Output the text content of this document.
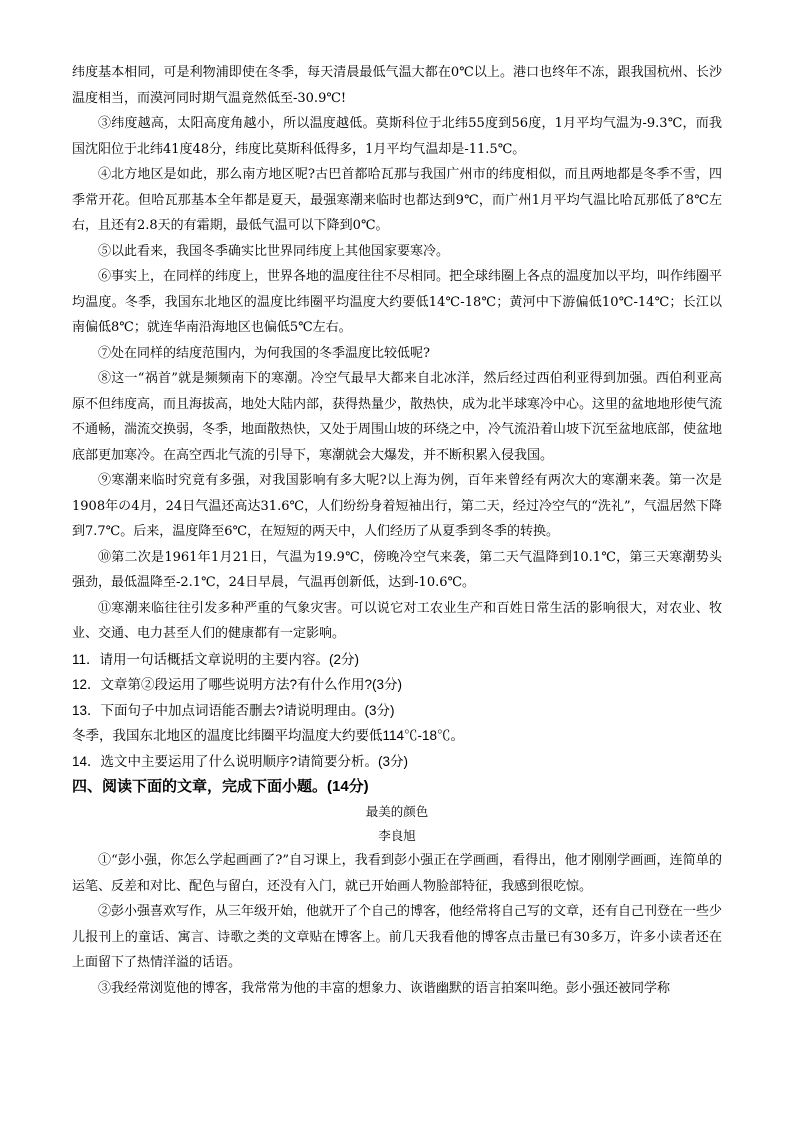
纬度基本相同，可是利物浦即使在冬季，每天清晨最低气温大都在0℃以上。港口也终年不冻，跟我国杭州、长沙温度相当，而漠河同时期气温竟然低至-30.9℃!

③纬度越高，太阳高度角越小，所以温度越低。莫斯科位于北纬55度到56度，1月平均气温为-9.3℃，而我国沈阳位于北纬41度48分，纬度比莫斯科低得多，1月平均气温却是-11.5℃。

④北方地区是如此，那么南方地区呢?古巴首都哈瓦那与我国广州市的纬度相似，而且两地都是冬季不雪，四季常开花。但哈瓦那基本全年都是夏天，最强寒潮来临时也都达到9℃，而广州1月平均气温比哈瓦那低了8℃左右，且还有2.8天的有霜期，最低气温可以下降到0℃。

⑤以此看来，我国冬季确实比世界同纬度上其他国家要寒冷。

⑥事实上，在同样的纬度上，世界各地的温度往往不尽相同。把全球纬圈上各点的温度加以平均，叫作纬圈平均温度。冬季，我国东北地区的温度比纬圈平均温度大约要低14℃-18℃；黄河中下游偏低10℃-14℃；长江以南偏低8℃；就连华南沿海地区也偏低5℃左右。

⑦处在同样的结度范围内，为何我国的冬季温度比较低呢?

⑧这一“祸首”就是频频南下的寒潮。冷空气最早大都来自北冰洋，然后经过西伯利亚得到加强。西伯利亚高原不但纬度高，而且海拔高，地处大陆内部，获得热量少，散热快，成为北半球寒冷中心。这里的盆地地形使气流不通畅，湍流交换弱，冬季，地面散热快，又处于周围山坡的环绕之中，冷气流沿着山坡下沉至盆地底部，使盆地底部更加寒冷。在高空西北气流的引导下，寒潮就会大爆发，并不断积累入侵我国。

⑨寒潮来临时究竟有多强，对我国影响有多大呢?以上海为例，百年来曾经有两次大的寒潮来袭。第一次是1908年の4月，24日气温还高达31.6℃，人们纷纷身着短袖出行，第二天，经过冷空气的“洗礼”，气温居然下降到7.7℃。后来，温度降至6℃，在短短的两天中，人们经历了从夏季到冬季的转换。

⑩第二次是1961年1月21日，气温为19.9℃，傍晚冷空气来袭，第二天气温降到10.1℃，第三天寒潮势头强劲，最低温降至-2.1℃，24日早晨，气温再创新低，达到-10.6℃。

⑪寒潮来临往往引发多种严重的气象灾害。可以说它对工农业生产和百姓日常生活的影响很大，对农业、牧业、交通、电力甚至人们的健康都有一定影响。

11．请用一句话概括文章说明的主要内容。(2分)

12．文章第②段运用了哪些说明方法?有什么作用?(3分)

13．下面句子中加点词语能否删去?请说明理由。(3分)

冬季，我国东北地区的温度比纬圈平均温度大约要低114℃-18℃。

14．选文中主要运用了什么说明顺序?请简要分析。(3分)

四、阅读下面的文章，完成下面小题。(14分)

最美的颜色

李良旭

①“彭小强，你怎么学起画画了?”自习课上，我看到彭小强正在学画画，看得出，他才刚刚学画画，连简单的运笔、反差和对比、配色与留白，还没有入门，就已开始画人物脸部特征，我感到很吃惊。

②彭小强喜欢写作，从三年级开始，他就开了个自己的博客，他经常将自己写的文章，还有自己刊登在一些少儿报刊上的童话、寓言、诗歌之类的文章贴在博客上。前几天我看他的博客点击量已有30多万，许多小读者还在上面留下了热情洋溢的话语。

③我经常浏览他的博客，我常常为他的丰富的想象力、诙谐幽默的语言拍案叫绝。彭小强还被同学称
